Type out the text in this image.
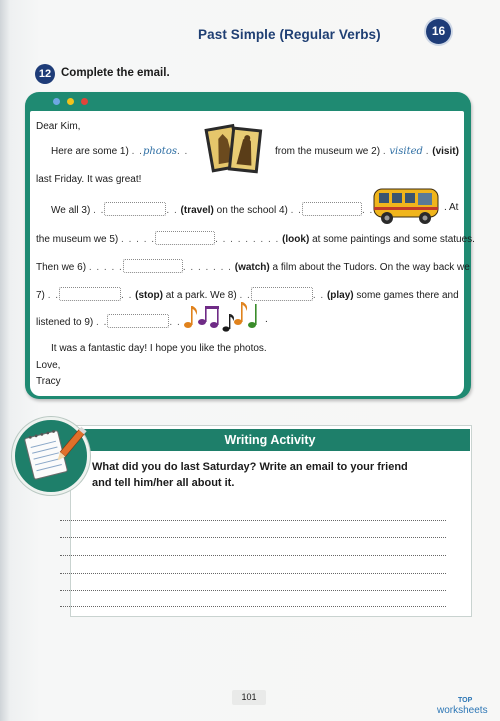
Past Simple (Regular Verbs)	16
12 Complete the email.
Dear Kim,
Here are some 1) . .photos. .	from the museum we 2) . visited . (visit)
last Friday. It was great!
We all 3) . .	. . (travel) on the school 4) . .	. .	. At
the museum we 5) . . . . .	. . . . . . . . . (look) at some paintings and some statues.
Then we 6) . . . . .	. . . . . . . (watch) a film about the Tudors. On the way back we
7) . .	. . (stop) at a park. We 8) . .	. . (play) some games there and
listened to 9) . .	. .	.
It was a fantastic day! I hope you like the photos.
Love,
Tracy
Writing Activity
What did you do last Saturday? Write an email to your friend and tell him/her all about it.
101	TOP
worksheets
